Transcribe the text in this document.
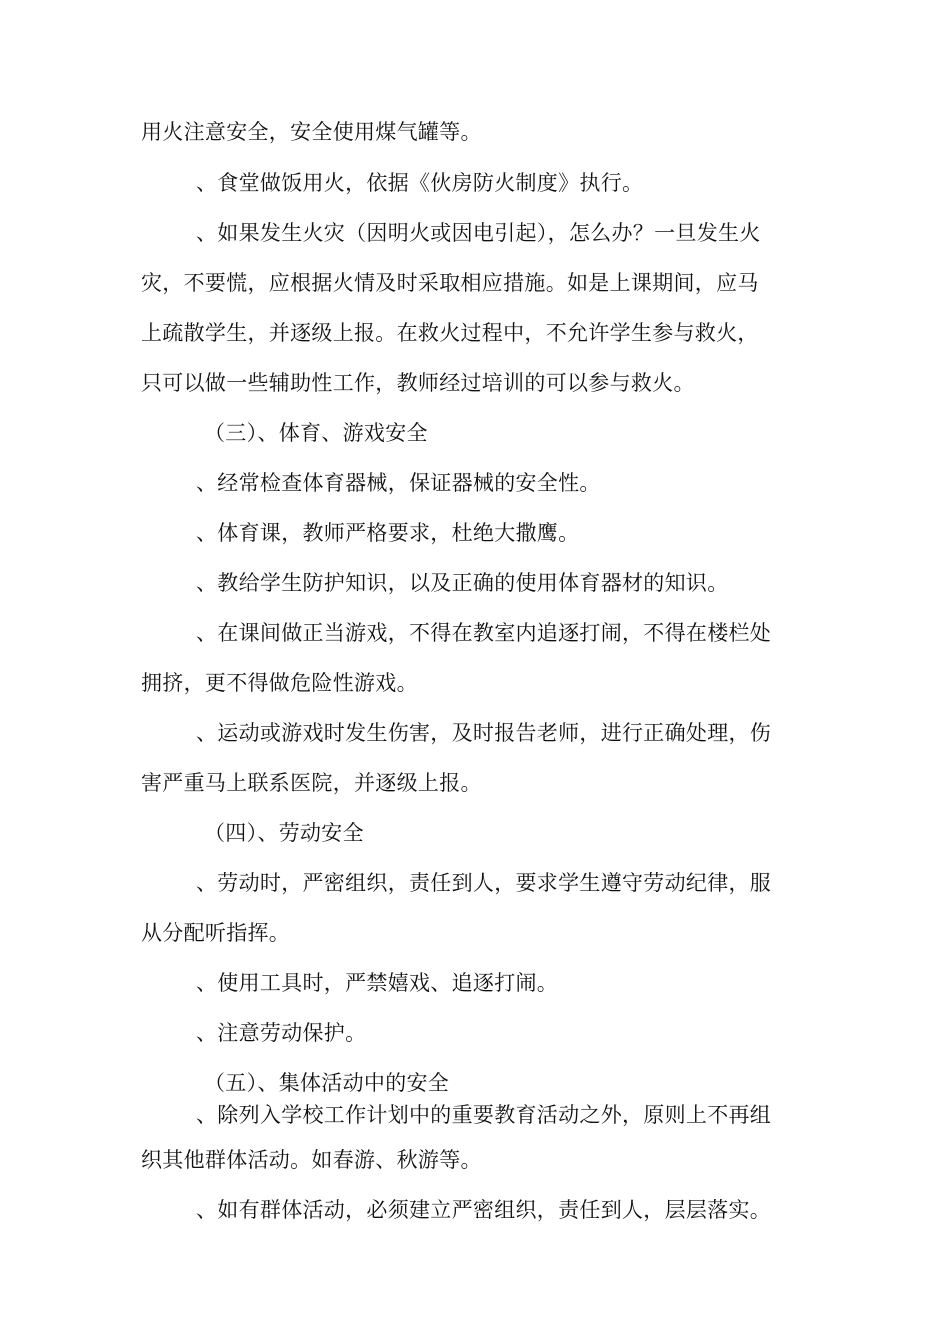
用火注意安全，安全使用煤气罐等。
、食堂做饭用火，依据《伙房防火制度》执行。
、如果发生火灾（因明火或因电引起），怎么办？一旦发生火
灾，不要慌，应根据火情及时采取相应措施。如是上课期间，应马
上疏散学生，并逐级上报。在救火过程中，不允许学生参与救火，
只可以做一些辅助性工作，教师经过培训的可以参与救火。
（三）、体育、游戏安全
、经常检查体育器械，保证器械的安全性。
、体育课，教师严格要求，杜绝大撒鹰。
、教给学生防护知识，以及正确的使用体育器材的知识。
、在课间做正当游戏，不得在教室内追逐打闹，不得在楼栏处
拥挤，更不得做危险性游戏。
、运动或游戏时发生伤害，及时报告老师，进行正确处理，伤
害严重马上联系医院，并逐级上报。
（四）、劳动安全
、劳动时，严密组织，责任到人，要求学生遵守劳动纪律，服
从分配听指挥。
、使用工具时，严禁嬉戏、追逐打闹。
、注意劳动保护。
（五）、集体活动中的安全
、除列入学校工作计划中的重要教育活动之外，原则上不再组
织其他群体活动。如春游、秋游等。
、如有群体活动，必须建立严密组织，责任到人，层层落实。
